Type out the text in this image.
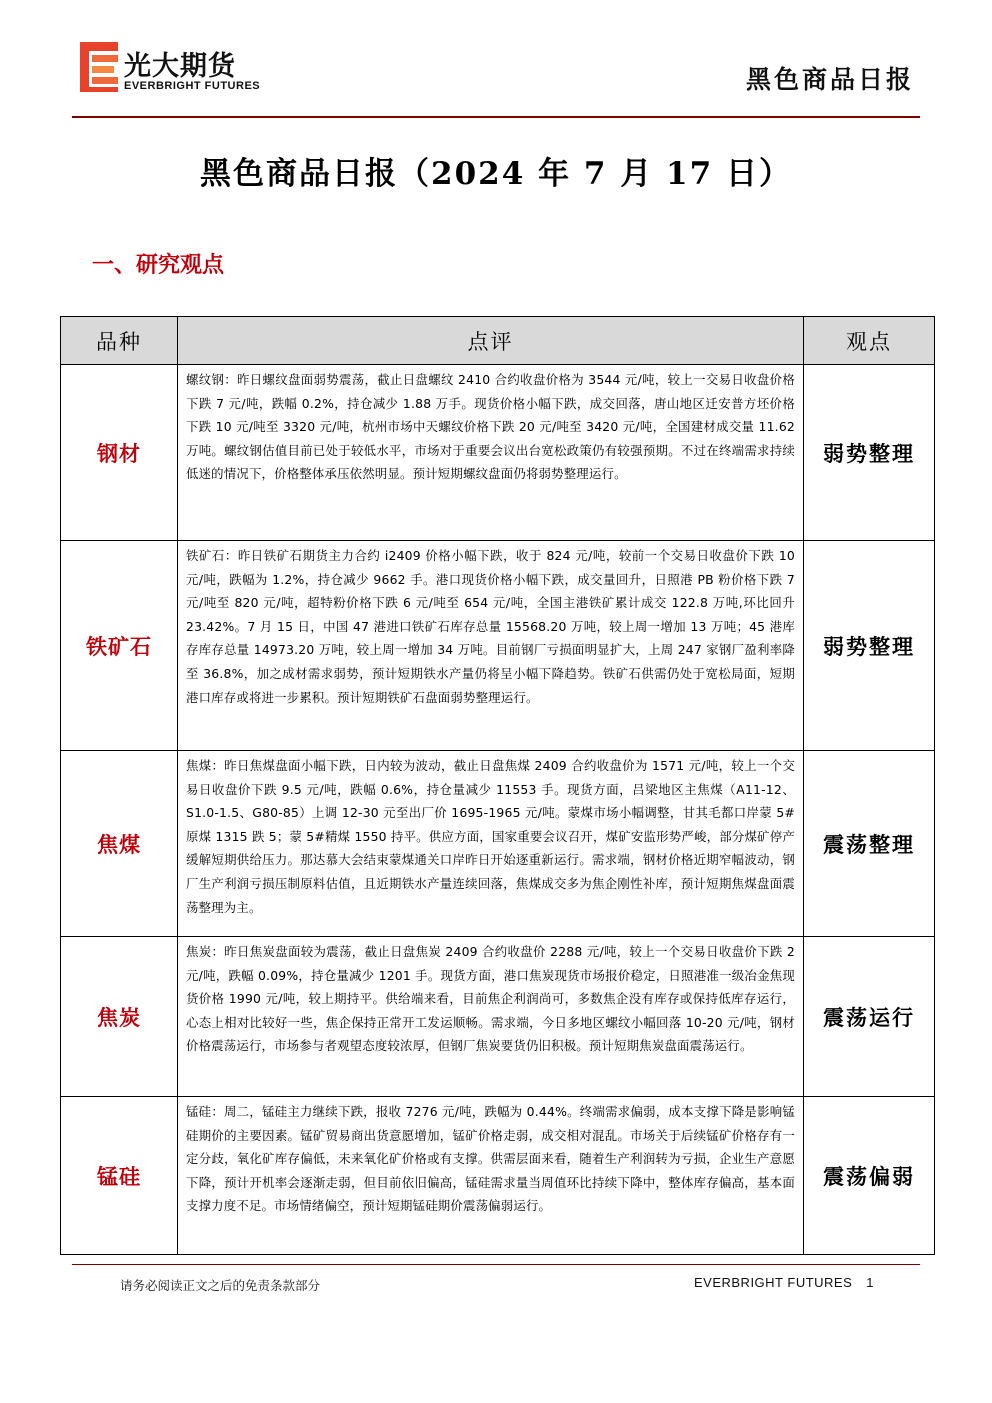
光大期货
EVERBRIGHT FUTURES	黑色商品日报
黑色商品日报（2024 年 7 月 17 日）
一、研究观点
品种	点评	观点
钢材	螺纹钢：昨日螺纹盘面弱势震荡，截止日盘螺纹 2410 合约收盘价格为 3544 元/吨，较上一交易日收盘价格下跌 7 元/吨，跌幅 0.2%，持仓减少 1.88 万手。现货价格小幅下跌，成交回落，唐山地区迁安普方坯价格下跌 10 元/吨至 3320 元/吨，杭州市场中天螺纹价格下跌 20 元/吨至 3420 元/吨，全国建材成交量 11.62 万吨。螺纹钢估值目前已处于较低水平，市场对于重要会议出台宽松政策仍有较强预期。不过在终端需求持续低迷的情况下，价格整体承压依然明显。预计短期螺纹盘面仍将弱势整理运行。	弱势整理
铁矿石	铁矿石：昨日铁矿石期货主力合约 i2409 价格小幅下跌，收于 824 元/吨，较前一个交易日收盘价下跌 10 元/吨，跌幅为 1.2%，持仓减少 9662 手。港口现货价格小幅下跌，成交量回升，日照港 PB 粉价格下跌 7 元/吨至 820 元/吨，超特粉价格下跌 6 元/吨至 654 元/吨，全国主港铁矿累计成交 122.8 万吨,环比回升 23.42%。7 月 15 日，中国 47 港进口铁矿石库存总量 15568.20 万吨，较上周一增加 13 万吨；45 港库存库存总量 14973.20 万吨，较上周一增加 34 万吨。目前钢厂亏损面明显扩大，上周 247 家钢厂盈利率降至 36.8%，加之成材需求弱势，预计短期铁水产量仍将呈小幅下降趋势。铁矿石供需仍处于宽松局面，短期港口库存或将进一步累积。预计短期铁矿石盘面弱势整理运行。	弱势整理
焦煤	焦煤：昨日焦煤盘面小幅下跌，日内较为波动，截止日盘焦煤 2409 合约收盘价为 1571 元/吨，较上一个交易日收盘价下跌 9.5 元/吨，跌幅 0.6%，持仓量减少 11553 手。现货方面，吕梁地区主焦煤（A11-12、S1.0-1.5、G80-85）上调 12-30 元至出厂价 1695-1965 元/吨。蒙煤市场小幅调整，甘其毛都口岸蒙 5#原煤 1315 跌 5；蒙 5#精煤 1550 持平。供应方面，国家重要会议召开，煤矿安监形势严峻，部分煤矿停产缓解短期供给压力。那达慕大会结束蒙煤通关口岸昨日开始逐重新运行。需求端，钢材价格近期窄幅波动，钢厂生产利润亏损压制原料估值，且近期铁水产量连续回落，焦煤成交多为焦企刚性补库，预计短期焦煤盘面震荡整理为主。	震荡整理
焦炭	焦炭：昨日焦炭盘面较为震荡，截止日盘焦炭 2409 合约收盘价 2288 元/吨，较上一个交易日收盘价下跌 2 元/吨，跌幅 0.09%，持仓量减少 1201 手。现货方面，港口焦炭现货市场报价稳定，日照港准一级冶金焦现货价格 1990 元/吨，较上期持平。供给端来看，目前焦企利润尚可，多数焦企没有库存或保持低库存运行，心态上相对比较好一些，焦企保持正常开工发运顺畅。需求端，今日多地区螺纹小幅回落 10-20 元/吨，钢材价格震荡运行，市场参与者观望态度较浓厚，但钢厂焦炭要货仍旧积极。预计短期焦炭盘面震荡运行。	震荡运行
锰硅	锰硅：周二，锰硅主力继续下跌，报收 7276 元/吨，跌幅为 0.44%。终端需求偏弱，成本支撑下降是影响锰硅期价的主要因素。锰矿贸易商出货意愿增加，锰矿价格走弱，成交相对混乱。市场关于后续锰矿价格存有一定分歧，氧化矿库存偏低，未来氧化矿价格或有支撑。供需层面来看，随着生产利润转为亏损，企业生产意愿下降，预计开机率会逐渐走弱，但目前依旧偏高，锰硅需求量当周值环比持续下降中，整体库存偏高，基本面支撑力度不足。市场情绪偏空，预计短期锰硅期价震荡偏弱运行。	震荡偏弱
请务必阅读正文之后的免责条款部分	EVERBRIGHT FUTURES 1
